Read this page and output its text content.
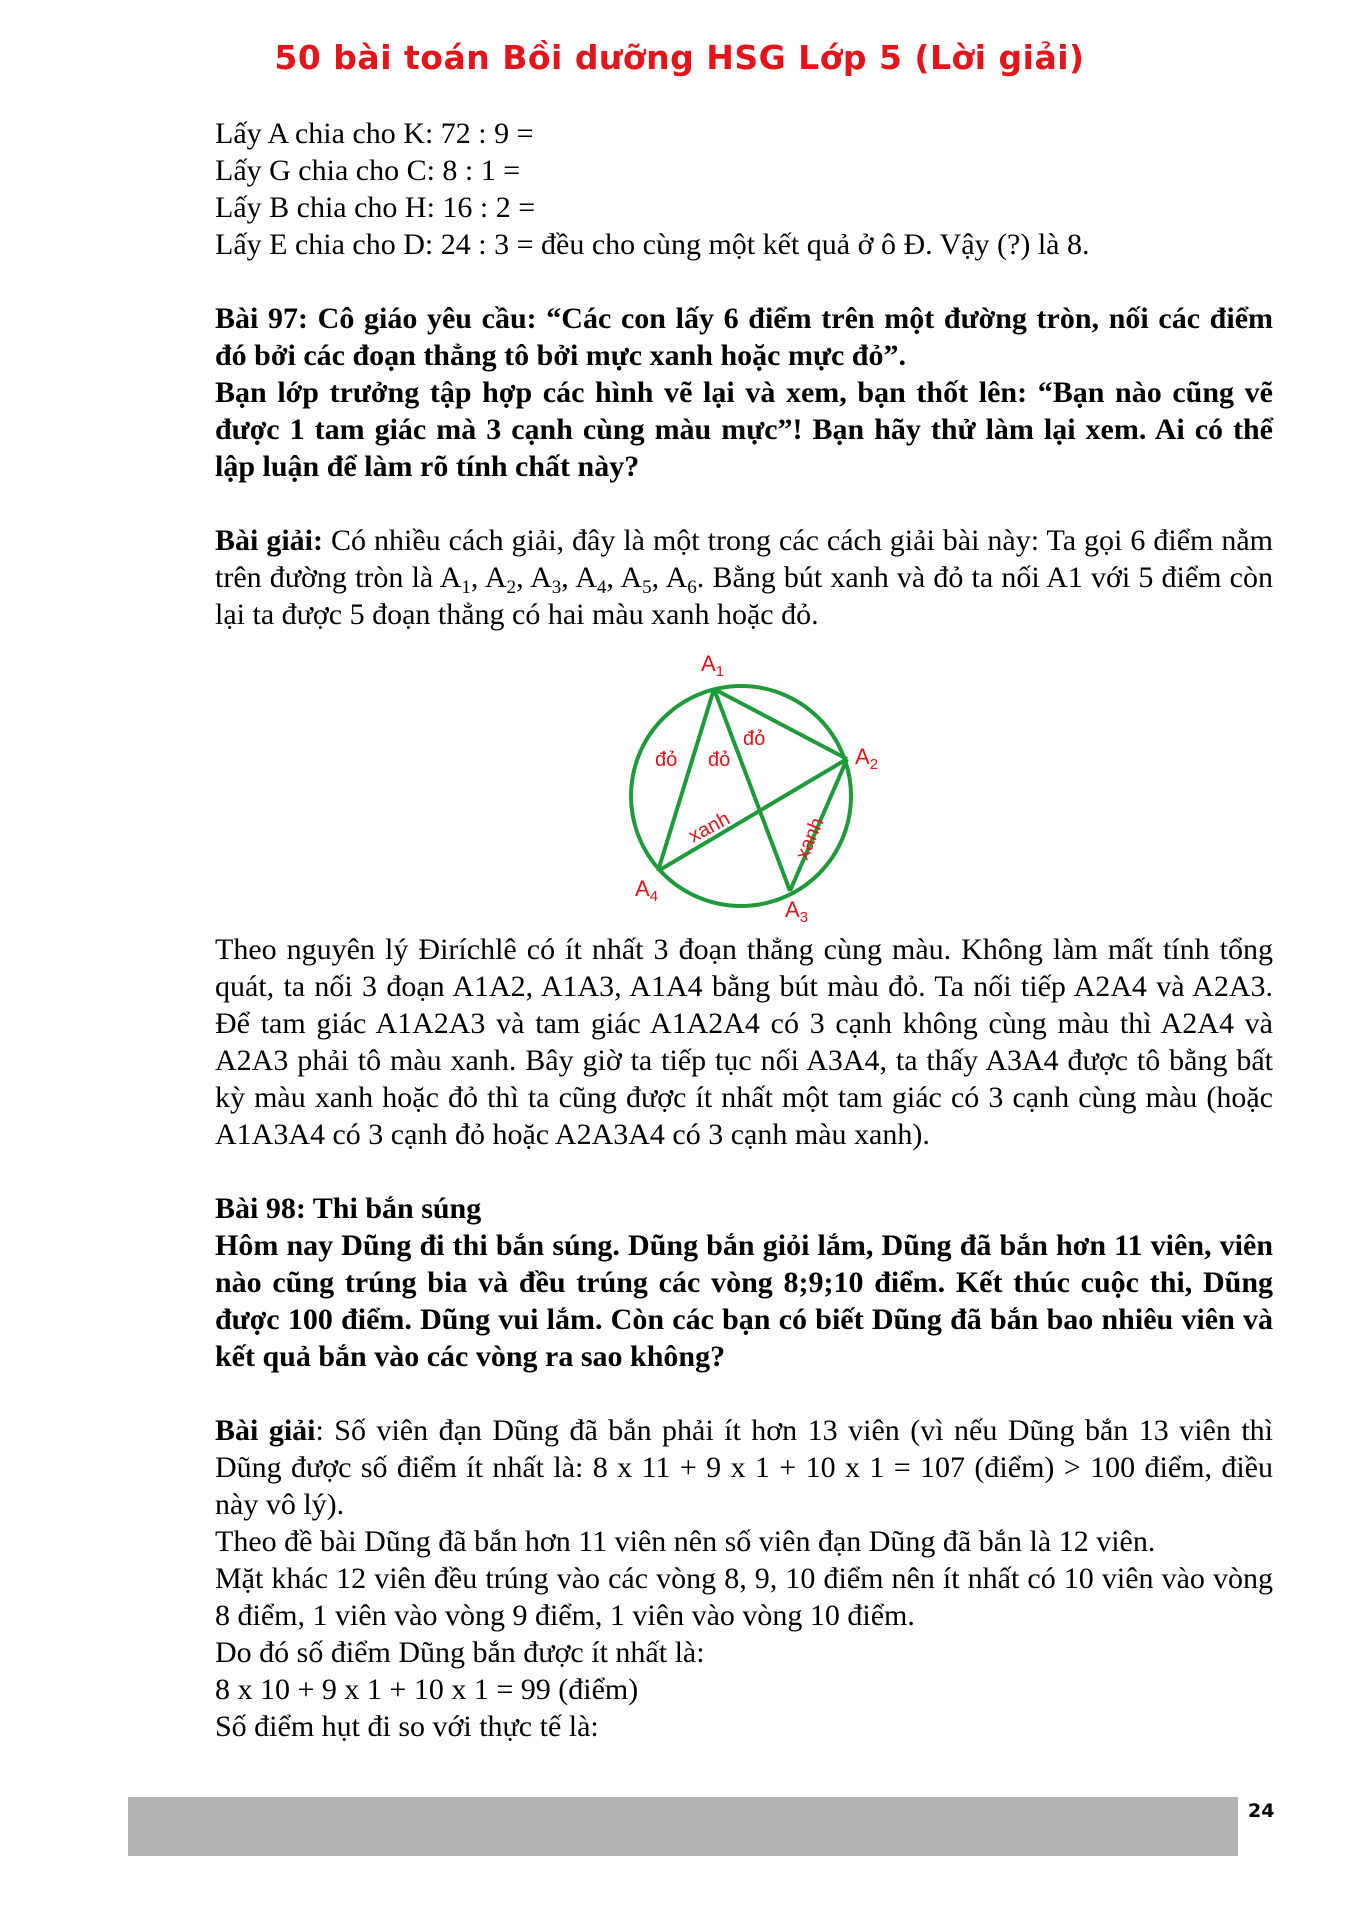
50 bài toán Bồi dưỡng HSG Lớp 5 (Lời giải)

Lấy A chia cho K: 72 : 9 =

Lấy G chia cho C: 8 : 1 =

Lấy B chia cho H: 16 : 2 =

Lấy E chia cho D: 24 : 3 = đều cho cùng một kết quả ở ô Đ. Vậy (?) là 8.

Bài 97: Cô giáo yêu cầu: “Các con lấy 6 điểm trên một đường tròn, nối các điểm đó bởi các đoạn thẳng tô bởi mực xanh hoặc mực đỏ”.

Bạn lớp trưởng tập hợp các hình vẽ lại và xem, bạn thốt lên: “Bạn nào cũng vẽ được 1 tam giác mà 3 cạnh cùng màu mực”! Bạn hãy thử làm lại xem. Ai có thể lập luận để làm rõ tính chất này?

Bài giải: Có nhiều cách giải, đây là một trong các cách giải bài này: Ta gọi 6 điểm nằm trên đường tròn là $A_1$, $A_2$, $A_3$, $A_4$, $A_5$, $A_6$. Bằng bút xanh và đỏ ta nối A1 với 5 điểm còn lại ta được 5 đoạn thẳng có hai màu xanh hoặc đỏ.

$A_1$
$A_2$
$A_3$
$A_4$
đỏ đỏ
đỏ
xanh	xanh

Theo nguyên lý Điríchlê có ít nhất 3 đoạn thẳng cùng màu. Không làm mất tính tổng quát, ta nối 3 đoạn A1A2, A1A3, A1A4 bằng bút màu đỏ. Ta nối tiếp A2A4 và A2A3. Để tam giác A1A2A3 và tam giác A1A2A4 có 3 cạnh không cùng màu thì A2A4 và A2A3 phải tô màu xanh. Bây giờ ta tiếp tục nối A3A4, ta thấy A3A4 được tô bằng bất kỳ màu xanh hoặc đỏ thì ta cũng được ít nhất một tam giác có 3 cạnh cùng màu (hoặc A1A3A4 có 3 cạnh đỏ hoặc A2A3A4 có 3 cạnh màu xanh).

Bài 98: Thi bắn súng

Hôm nay Dũng đi thi bắn súng. Dũng bắn giỏi lắm, Dũng đã bắn hơn 11 viên, viên nào cũng trúng bia và đều trúng các vòng 8;9;10 điểm. Kết thúc cuộc thi, Dũng được 100 điểm. Dũng vui lắm. Còn các bạn có biết Dũng đã bắn bao nhiêu viên và kết quả bắn vào các vòng ra sao không?

Bài giải: Số viên đạn Dũng đã bắn phải ít hơn 13 viên (vì nếu Dũng bắn 13 viên thì Dũng được số điểm ít nhất là: 8 x 11 + 9 x 1 + 10 x 1 = 107 (điểm) > 100 điểm, điều này vô lý).

Theo đề bài Dũng đã bắn hơn 11 viên nên số viên đạn Dũng đã bắn là 12 viên.

Mặt khác 12 viên đều trúng vào các vòng 8, 9, 10 điểm nên ít nhất có 10 viên vào vòng 8 điểm, 1 viên vào vòng 9 điểm, 1 viên vào vòng 10 điểm.

Do đó số điểm Dũng bắn được ít nhất là:

8 x 10 + 9 x 1 + 10 x 1 = 99 (điểm)

Số điểm hụt đi so với thực tế là:

24
